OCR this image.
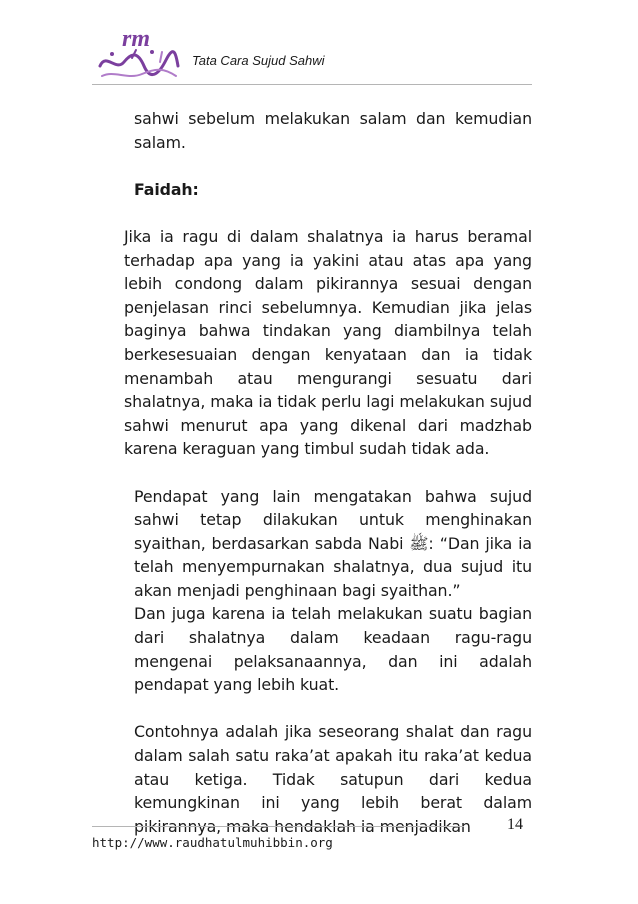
rm
Tata Cara Sujud Sahwi

sahwi sebelum melakukan salam dan kemudian salam.

Faidah:

Jika ia ragu di dalam shalatnya ia harus beramal terhadap apa yang ia yakini atau atas apa yang lebih condong dalam pikirannya sesuai dengan penjelasan rinci sebelumnya. Kemudian jika jelas baginya bahwa tindakan yang diambilnya telah berkesesuaian dengan kenyataan dan ia tidak menambah atau mengurangi sesuatu dari shalatnya, maka ia tidak perlu lagi melakukan sujud sahwi menurut apa yang dikenal dari madzhab karena keraguan yang timbul sudah tidak ada.

Pendapat yang lain mengatakan bahwa sujud sahwi tetap dilakukan untuk menghinakan syaithan, berdasarkan sabda Nabi ﷺ: “Dan jika ia telah menyempurnakan shalatnya, dua sujud itu akan menjadi penghinaan bagi syaithan.”

Dan juga karena ia telah melakukan suatu bagian dari shalatnya dalam keadaan ragu-ragu mengenai pelaksanaannya, dan ini adalah pendapat yang lebih kuat.

Contohnya adalah jika seseorang shalat dan ragu dalam salah satu raka’at apakah itu raka’at kedua atau ketiga. Tidak satupun dari kedua kemungkinan ini yang lebih berat dalam pikirannya, maka hendaklah ia menjadikan	14
http://www.raudhatulmuhibbin.org
